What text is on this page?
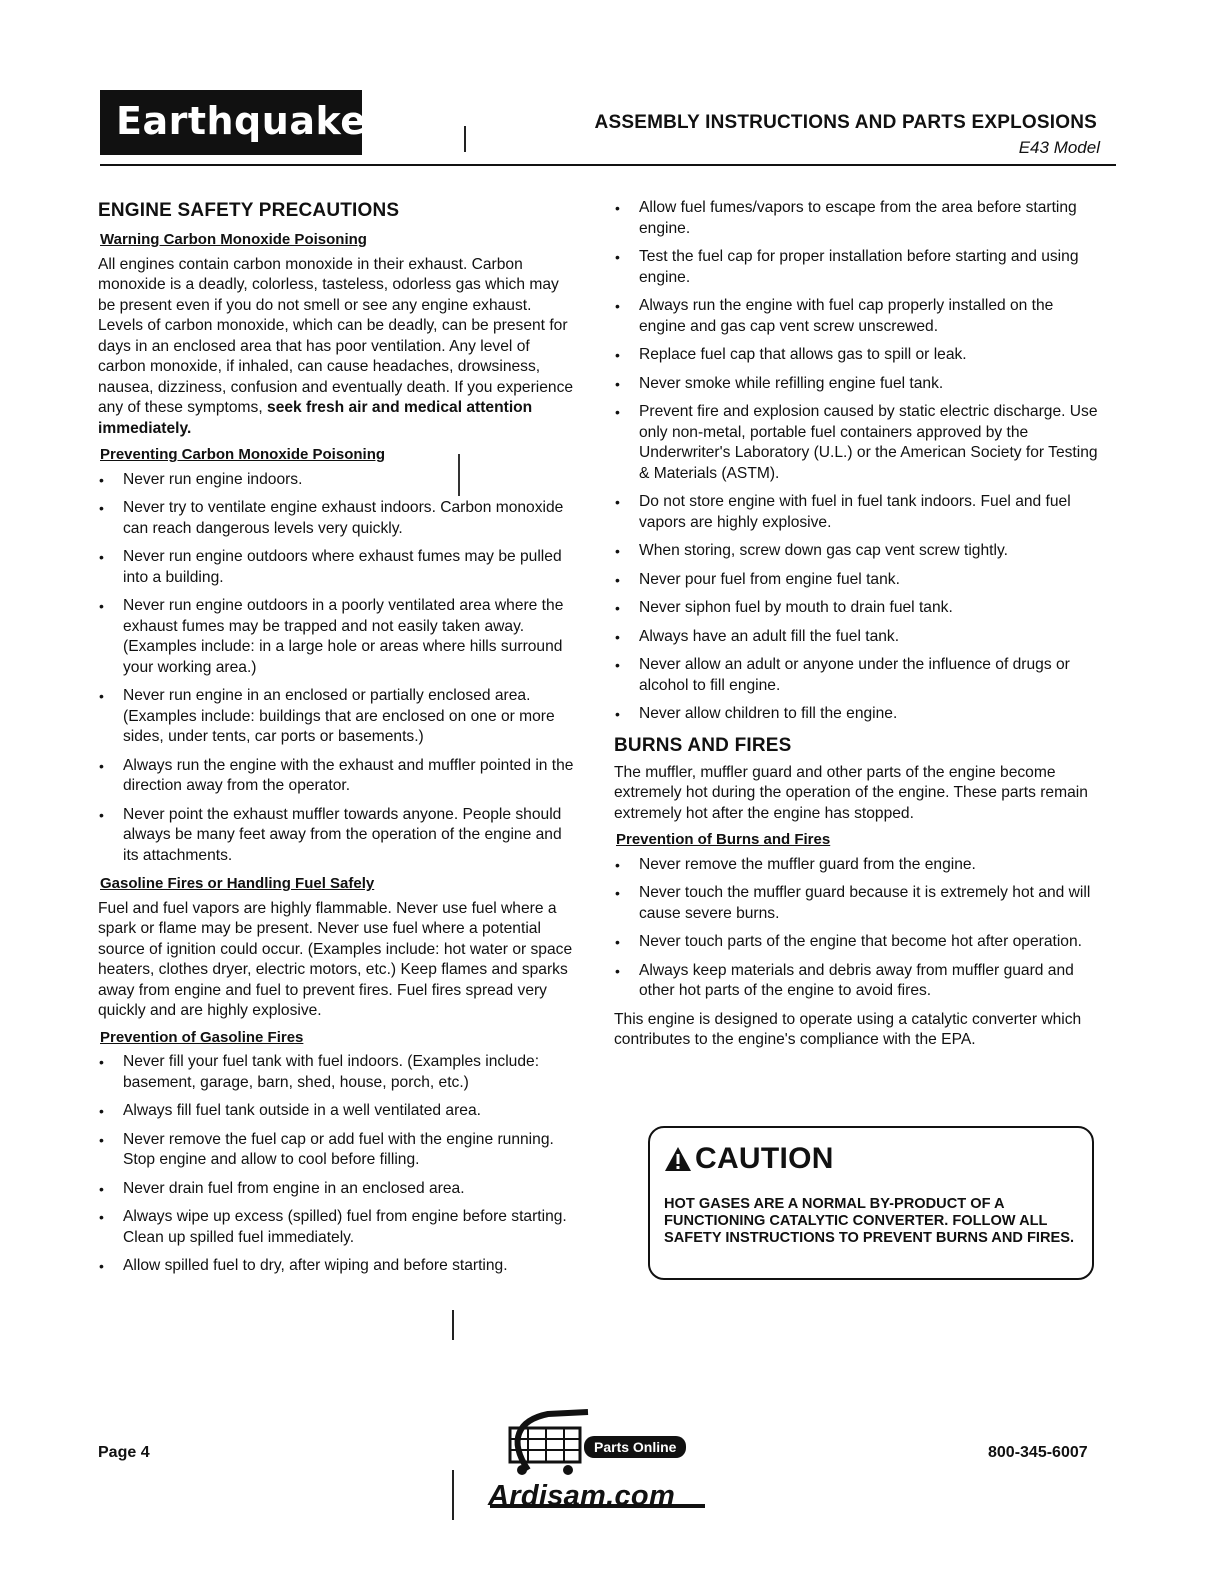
Earthquake	ASSEMBLY INSTRUCTIONS AND PARTS EXPLOSIONS
E43 Model
ENGINE SAFETY PRECAUTIONS
Warning Carbon Monoxide Poisoning

All engines contain carbon monoxide in their exhaust. Carbon monoxide is a deadly, colorless, tasteless, odorless gas which may be present even if you do not smell or see any engine exhaust. Levels of carbon monoxide, which can be deadly, can be present for days in an enclosed area that has poor ventilation. Any level of carbon monoxide, if inhaled, can cause headaches, drowsiness, nausea, dizziness, confusion and eventually death. If you experience any of these symptoms, seek fresh air and medical attention immediately.

Preventing Carbon Monoxide Poisoning
• Never run engine indoors.
• Never try to ventilate engine exhaust indoors. Carbon monoxide can reach dangerous levels very quickly.
• Never run engine outdoors where exhaust fumes may be pulled into a building.
• Never run engine outdoors in a poorly ventilated area where the exhaust fumes may be trapped and not easily taken away. (Examples include: in a large hole or areas where hills surround your working area.)
• Never run engine in an enclosed or partially enclosed area. (Examples include: buildings that are enclosed on one or more sides, under tents, car ports or basements.)
• Always run the engine with the exhaust and muffler pointed in the direction away from the operator.
• Never point the exhaust muffler towards anyone. People should always be many feet away from the operation of the engine and its attachments.
Gasoline Fires or Handling Fuel Safely

Fuel and fuel vapors are highly flammable. Never use fuel where a spark or flame may be present. Never use fuel where a potential source of ignition could occur. (Examples include: hot water or space heaters, clothes dryer, electric motors, etc.) Keep flames and sparks away from engine and fuel to prevent fires. Fuel fires spread very quickly and are highly explosive.

Prevention of Gasoline Fires
• Never fill your fuel tank with fuel indoors. (Examples include: basement, garage, barn, shed, house, porch, etc.)
• Always fill fuel tank outside in a well ventilated area.
• Never remove the fuel cap or add fuel with the engine running. Stop engine and allow to cool before filling.
• Never drain fuel from engine in an enclosed area.
• Always wipe up excess (spilled) fuel from engine before starting. Clean up spilled fuel immediately.
• Allow spilled fuel to dry, after wiping and before starting.
• Allow fuel fumes/vapors to escape from the area before starting engine.
• Test the fuel cap for proper installation before starting and using engine.
• Always run the engine with fuel cap properly installed on the engine and gas cap vent screw unscrewed.
• Replace fuel cap that allows gas to spill or leak.
• Never smoke while refilling engine fuel tank.
• Prevent fire and explosion caused by static electric discharge. Use only non-metal, portable fuel containers approved by the Underwriter's Laboratory (U.L.) or the American Society for Testing & Materials (ASTM).
• Do not store engine with fuel in fuel tank indoors. Fuel and fuel vapors are highly explosive.
• When storing, screw down gas cap vent screw tightly.
• Never pour fuel from engine fuel tank.
• Never siphon fuel by mouth to drain fuel tank.
• Always have an adult fill the fuel tank.
• Never allow an adult or anyone under the influence of drugs or alcohol to fill engine.
• Never allow children to fill the engine.
BURNS AND FIRES

The muffler, muffler guard and other parts of the engine become extremely hot during the operation of the engine. These parts remain extremely hot after the engine has stopped.

Prevention of Burns and Fires
• Never remove the muffler guard from the engine.
• Never touch the muffler guard because it is extremely hot and will cause severe burns.
• Never touch parts of the engine that become hot after operation.
• Always keep materials and debris away from muffler guard and other hot parts of the engine to avoid fires.

This engine is designed to operate using a catalytic converter which contributes to the engine's compliance with the EPA.

CAUTION
HOT GASES ARE A NORMAL BY-PRODUCT OF A FUNCTIONING CATALYTIC CONVERTER. FOLLOW ALL SAFETY INSTRUCTIONS TO PREVENT BURNS AND FIRES.
Page 4	Parts Online
Ardisam.com
800-345-6007
